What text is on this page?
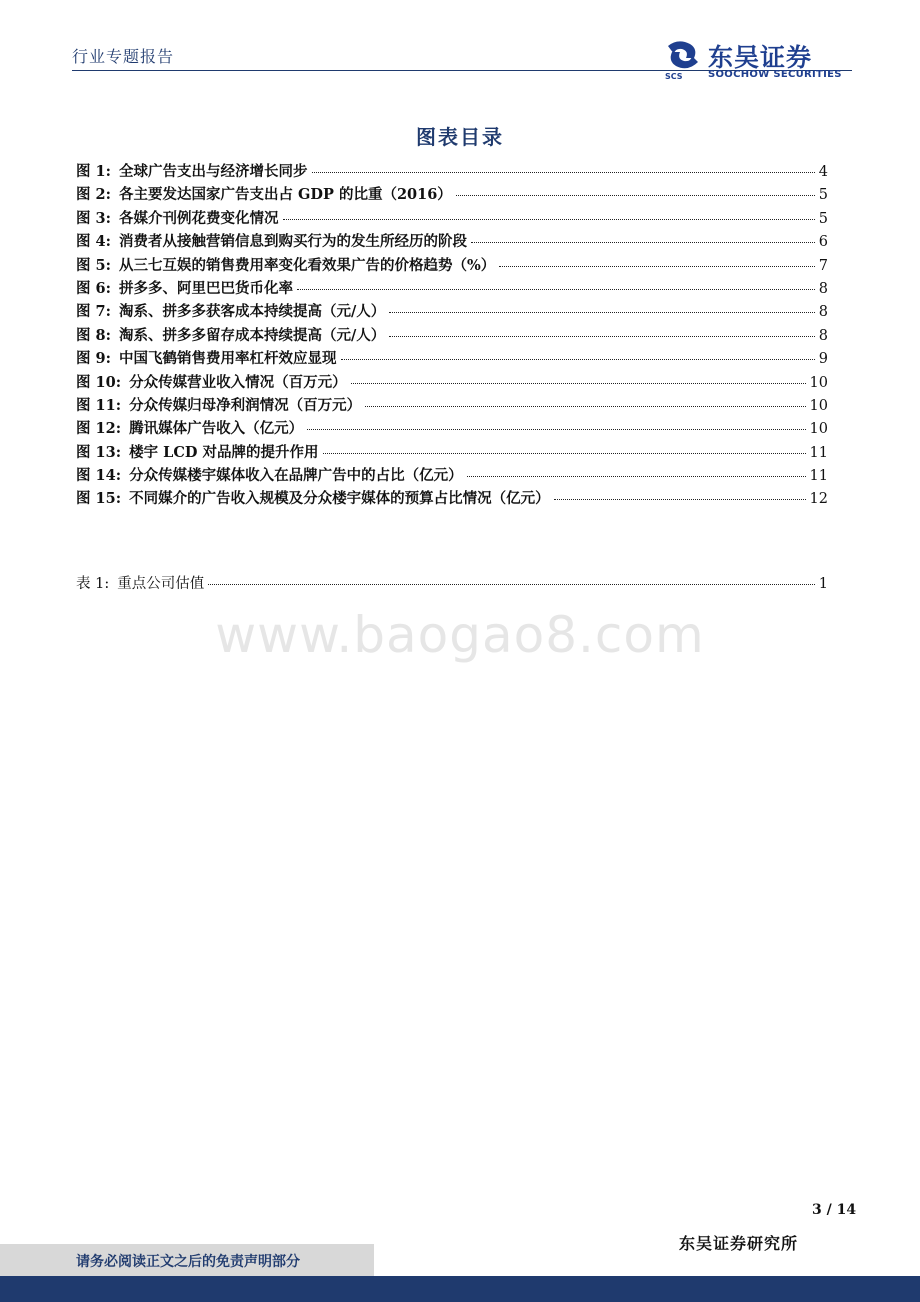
行业专题报告
SCS
东吴证券
SOOCHOW SECURITIES
图表目录
图 1: 全球广告支出与经济增长同步	4
图 2: 各主要发达国家广告支出占 GDP 的比重（2016）	5
图 3: 各媒介刊例花费变化情况	5
图 4: 消费者从接触营销信息到购买行为的发生所经历的阶段	6
图 5: 从三七互娱的销售费用率变化看效果广告的价格趋势（%）	7
图 6: 拼多多、阿里巴巴货币化率	8
图 7: 淘系、拼多多获客成本持续提高（元/人）	8
图 8: 淘系、拼多多留存成本持续提高（元/人）	8
图 9: 中国飞鹤销售费用率杠杆效应显现	9
图 10: 分众传媒营业收入情况（百万元）	10
图 11: 分众传媒归母净利润情况（百万元）	10
图 12: 腾讯媒体广告收入（亿元）	10
图 13: 楼宇 LCD 对品牌的提升作用	11
图 14: 分众传媒楼宇媒体收入在品牌广告中的占比（亿元）	11
图 15: 不同媒介的广告收入规模及分众楼宇媒体的预算占比情况（亿元）	12
表 1: 重点公司估值	1
www.baogao8.com
3 / 14
东吴证券研究所
请务必阅读正文之后的免责声明部分
